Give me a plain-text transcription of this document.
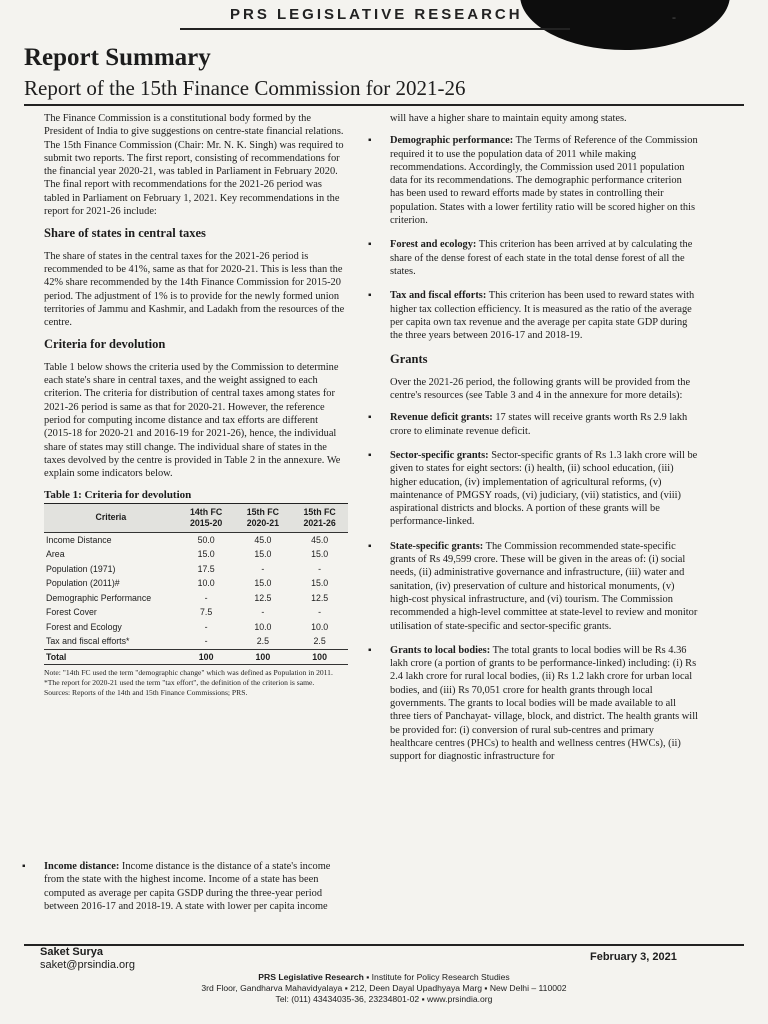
PRS LEGISLATIVE RESEARCH	-
Report Summary
Report of the 15th Finance Commission for 2021-26

The Finance Commission is a constitutional body formed by the President of India to give suggestions on centre-state financial relations. The 15th Finance Commission (Chair: Mr. N. K. Singh) was required to submit two reports. The first report, consisting of recommendations for the financial year 2020-21, was tabled in Parliament in February 2020. The final report with recommendations for the 2021-26 period was tabled in Parliament on February 1, 2021. Key recommendations in the report for 2021-26 include:

Share of states in central taxes

The share of states in the central taxes for the 2021-26 period is recommended to be 41%, same as that for 2020-21. This is less than the 42% share recommended by the 14th Finance Commission for 2015-20 period. The adjustment of 1% is to provide for the newly formed union territories of Jammu and Kashmir, and Ladakh from the resources of the centre.

Criteria for devolution

Table 1 below shows the criteria used by the Commission to determine each state's share in central taxes, and the weight assigned to each criterion. The criteria for distribution of central taxes among states for 2021-26 period is same as that for 2020-21. However, the reference period for computing income distance and tax efforts are different (2015-18 for 2020-21 and 2016-19 for 2021-26), hence, the individual share of states may still change. The individual share of states in the taxes devolved by the centre is provided in Table 2 in the annexure. We explain some indicators below.

Table 1: Criteria for devolution
Criteria	14th FC 2015-20	15th FC 2020-21	15th FC 2021-26
Income Distance	50.0	45.0	45.0
Area	15.0	15.0	15.0
Population (1971)	17.5	-	-
Population (2011)#	10.0	15.0	15.0
Demographic Performance	-	12.5	12.5
Forest Cover	7.5	-	-
Forest and Ecology	-	10.0	10.0
Tax and fiscal efforts*	-	2.5	2.5
Total	100	100	100

Note: "14th FC used the term "demographic change" which was defined as Population in 2011. *The report for 2020-21 used the term "tax effort", the definition of the criterion is same.

Sources: Reports of the 14th and 15th Finance Commissions; PRS.

▪ Income distance: Income distance is the distance of a state's income from the state with the highest income. Income of a state has been computed as average per capita GSDP during the three-year period between 2016-17 and 2018-19. A state with lower per capita income

will have a higher share to maintain equity among states.

▪ Demographic performance: The Terms of Reference of the Commission required it to use the population data of 2011 while making recommendations. Accordingly, the Commission used 2011 population data for its recommendations. The demographic performance criterion has been used to reward efforts made by states in controlling their population. States with a lower fertility ratio will be scored higher on this criterion.
▪ Forest and ecology: This criterion has been arrived at by calculating the share of the dense forest of each state in the total dense forest of all the states.
▪ Tax and fiscal efforts: This criterion has been used to reward states with higher tax collection efficiency. It is measured as the ratio of the average per capita own tax revenue and the average per capita state GDP during the three years between 2016-17 and 2018-19.
Grants

Over the 2021-26 period, the following grants will be provided from the centre's resources (see Table 3 and 4 in the annexure for more details):

▪ Revenue deficit grants: 17 states will receive grants worth Rs 2.9 lakh crore to eliminate revenue deficit.
▪ Sector-specific grants: Sector-specific grants of Rs 1.3 lakh crore will be given to states for eight sectors: (i) health, (ii) school education, (iii) higher education, (iv) implementation of agricultural reforms, (v) maintenance of PMGSY roads, (vi) judiciary, (vii) statistics, and (viii) aspirational districts and blocks. A portion of these grants will be performance-linked.
▪ State-specific grants: The Commission recommended state-specific grants of Rs 49,599 crore. These will be given in the areas of: (i) social needs, (ii) administrative governance and infrastructure, (iii) water and sanitation, (iv) preservation of culture and historical monuments, (v) high-cost physical infrastructure, and (vi) tourism. The Commission recommended a high-level committee at state-level to review and monitor utilisation of state-specific and sector-specific grants.
▪ Grants to local bodies: The total grants to local bodies will be Rs 4.36 lakh crore (a portion of grants to be performance-linked) including: (i) Rs 2.4 lakh crore for rural local bodies, (ii) Rs 1.2 lakh crore for urban local bodies, and (iii) Rs 70,051 crore for health grants through local governments. The grants to local bodies will be made available to all three tiers of Panchayat- village, block, and district. The health grants will be provided for: (i) conversion of rural sub-centres and primary healthcare centres (PHCs) to health and wellness centres (HWCs), (ii) support for diagnostic infrastructure for
Saket Surya
saket@prsindia.org
February 3, 2021
PRS Legislative Research ▪ Institute for Policy Research Studies
3rd Floor, Gandharva Mahavidyalaya ▪ 212, Deen Dayal Upadhyaya Marg ▪ New Delhi – 110002
Tel: (011) 43434035-36, 23234801-02 ▪ www.prsindia.org
